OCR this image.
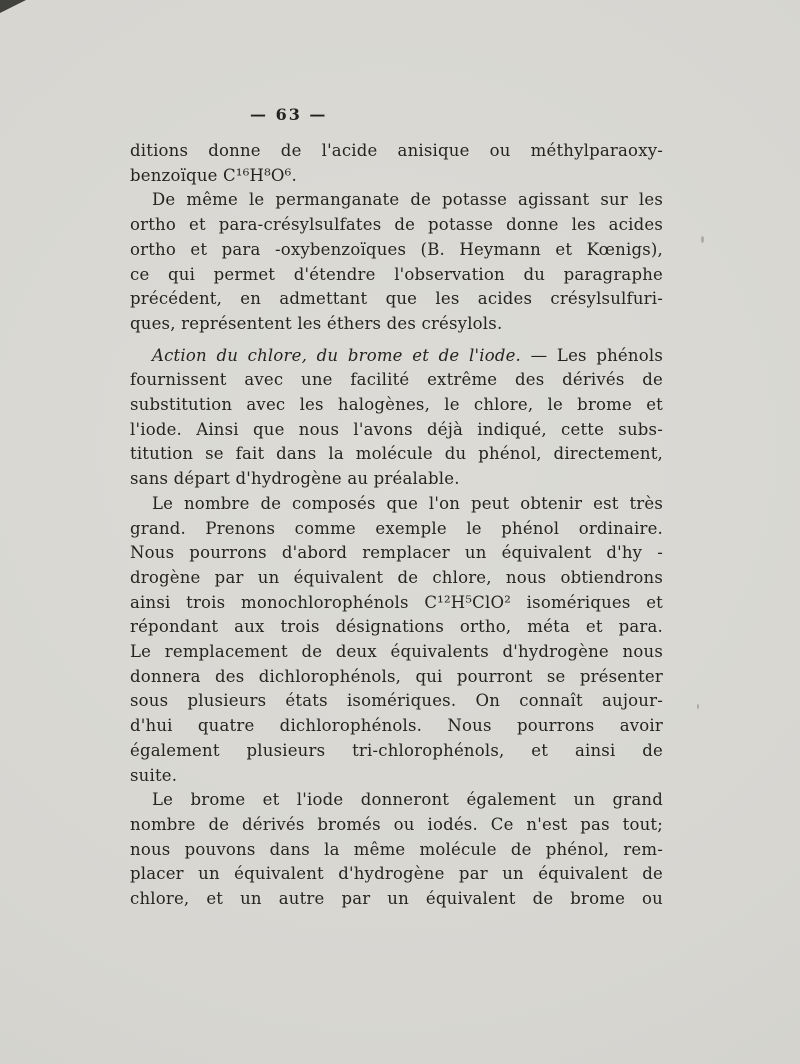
— 63 —

ditions donne de l'acide anisique ou méthylparaoxy-
benzoïque C¹⁶H⁸O⁶.

De même le permanganate de potasse agissant sur les
ortho et para-crésylsulfates de potasse donne les acides
ortho et para -oxybenzoïques (B. Heymann et Kœnigs),
ce qui permet d'étendre l'observation du paragraphe
précédent, en admettant que les acides crésylsulfuri-
ques, représentent les éthers des crésylols.

Action du chlore, du brome et de l'iode. — Les phénols
fournissent avec une facilité extrême des dérivés de
substitution avec les halogènes, le chlore, le brome et
l'iode. Ainsi que nous l'avons déjà indiqué, cette subs-
titution se fait dans la molécule du phénol, directement,
sans départ d'hydrogène au préalable.

Le nombre de composés que l'on peut obtenir est très
grand. Prenons comme exemple le phénol ordinaire.
Nous pourrons d'abord remplacer un équivalent d'hy -
drogène par un équivalent de chlore, nous obtiendrons
ainsi trois monochlorophénols C¹²H⁵ClO² isomériques et
répondant aux trois désignations ortho, méta et para.
Le remplacement de deux équivalents d'hydrogène nous
donnera des dichlorophénols, qui pourront se présenter
sous plusieurs états isomériques. On connaît aujour-
d'hui quatre dichlorophénols. Nous pourrons avoir
également plusieurs tri-chlorophénols, et ainsi de
suite.

Le brome et l'iode donneront également un grand
nombre de dérivés bromés ou iodés. Ce n'est pas tout;
nous pouvons dans la même molécule de phénol, rem-
placer un équivalent d'hydrogène par un équivalent de
chlore, et un autre par un équivalent de brome ou
